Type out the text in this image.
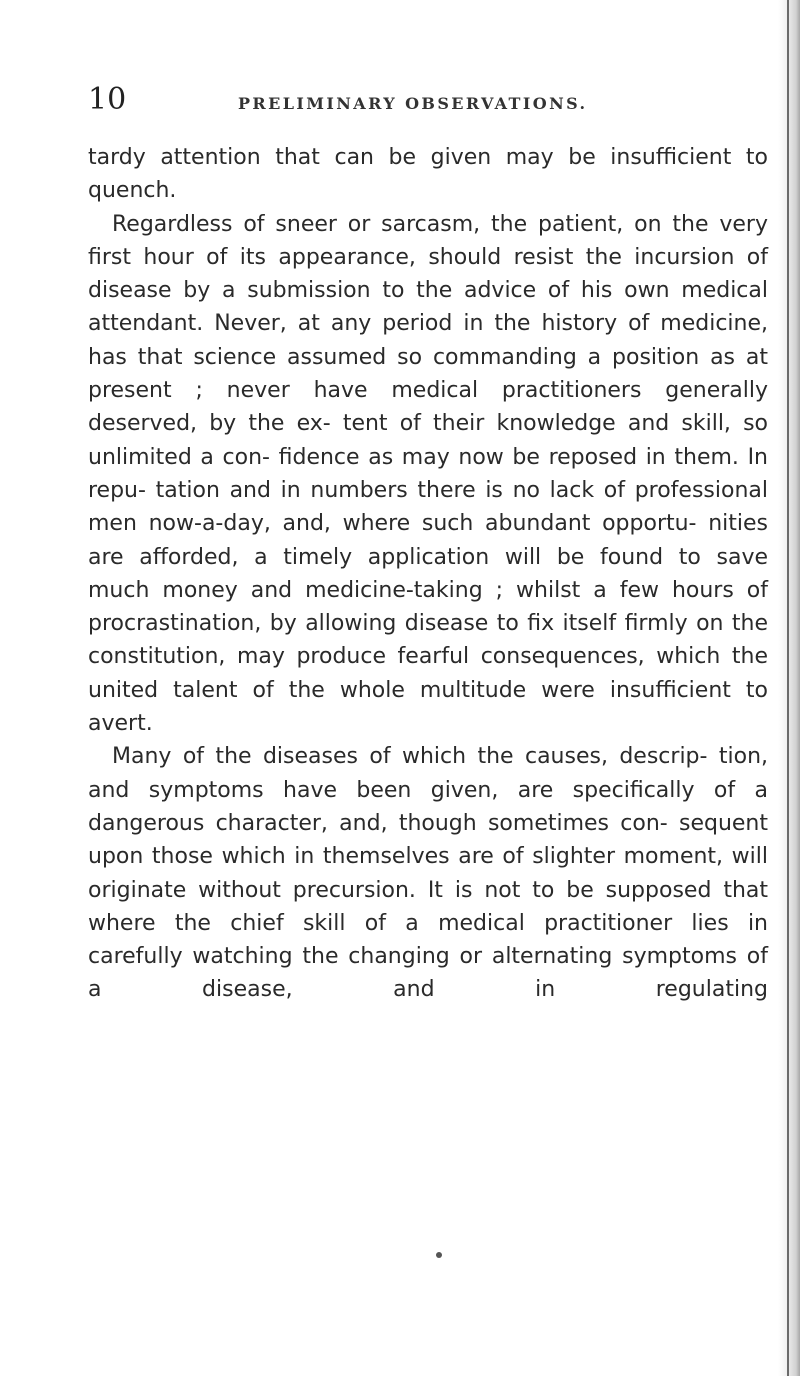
10	PRELIMINARY OBSERVATIONS.

tardy attention that can be given may be insufficient to quench.

Regardless of sneer or sarcasm, the patient, on the very first hour of its appearance, should resist the incursion of disease by a submission to the advice of his own medical attendant. Never, at any period in the history of medicine, has that science assumed so commanding a position as at present ; never have medical practitioners generally deserved, by the ex- tent of their knowledge and skill, so unlimited a con- fidence as may now be reposed in them. In repu- tation and in numbers there is no lack of professional men now-a-day, and, where such abundant opportu- nities are afforded, a timely application will be found to save much money and medicine-taking ; whilst a few hours of procrastination, by allowing disease to fix itself firmly on the constitution, may produce fearful consequences, which the united talent of the whole multitude were insufficient to avert.

Many of the diseases of which the causes, descrip- tion, and symptoms have been given, are specifically of a dangerous character, and, though sometimes con- sequent upon those which in themselves are of slighter moment, will originate without precursion. It is not to be supposed that where the chief skill of a medical practitioner lies in carefully watching the changing or alternating symptoms of a disease, and in regulating
